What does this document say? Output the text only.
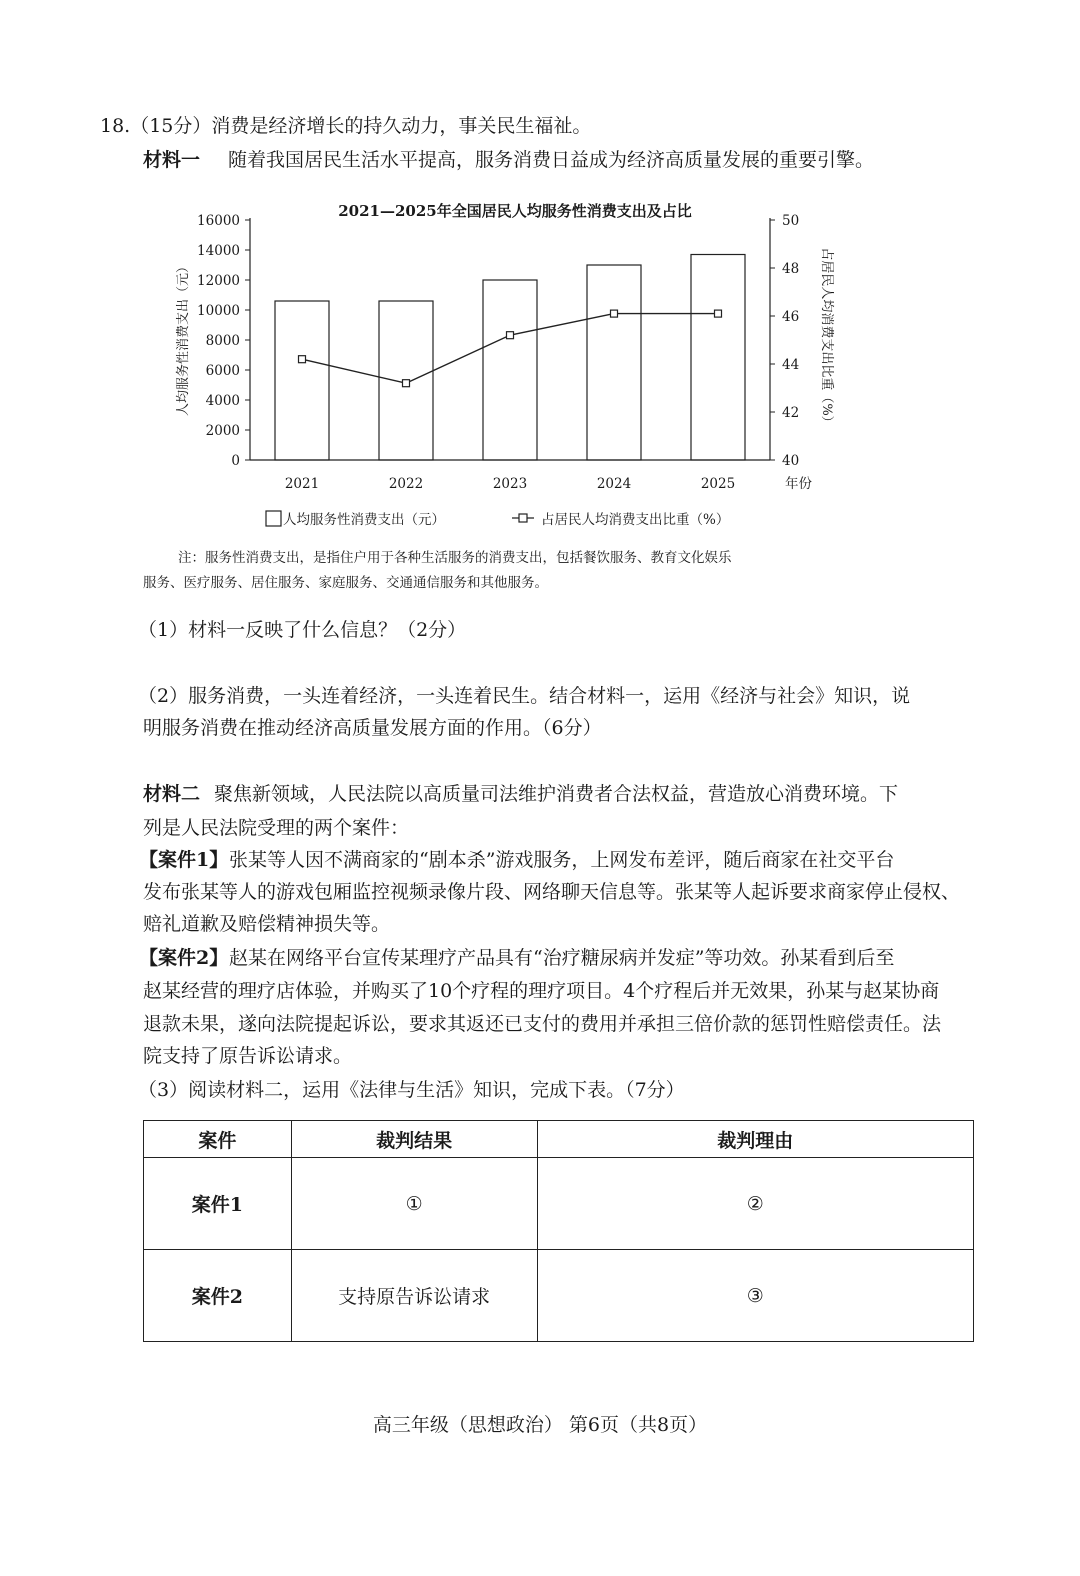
18.（15分）消费是经济增长的持久动力，事关民生福祉。
材料一 随着我国居民生活水平提高，服务消费日益成为经济高质量发展的重要引擎。
2021—2025年全国居民人均服务性消费支出及占比
0
2000
4000
6000
8000
10000
12000
14000
16000
40
42
44
46
48
50
2021	2022	2023	2024	2025	年份
人均服务性消费支出（元）	占居民人均消费支出比重（%）
人均服务性消费支出（元）	占居民人均消费支出比重（%）
注：服务性消费支出，是指住户用于各种生活服务的消费支出，包括餐饮服务、教育文化娱乐
服务、医疗服务、居住服务、家庭服务、交通通信服务和其他服务。
（1）材料一反映了什么信息？（2分）
（2）服务消费，一头连着经济，一头连着民生。结合材料一，运用《经济与社会》知识，说
明服务消费在推动经济高质量发展方面的作用。（6分）
材料二 聚焦新领域，人民法院以高质量司法维护消费者合法权益，营造放心消费环境。下
列是人民法院受理的两个案件：
【案件1】 张某等人因不满商家的“剧本杀”游戏服务，上网发布差评，随后商家在社交平台
发布张某等人的游戏包厢监控视频录像片段、网络聊天信息等。张某等人起诉要求商家停止侵权、
赔礼道歉及赔偿精神损失等。
【案件2】 赵某在网络平台宣传某理疗产品具有“治疗糖尿病并发症”等功效。孙某看到后至
赵某经营的理疗店体验，并购买了10个疗程的理疗项目。4个疗程后并无效果，孙某与赵某协商
退款未果，遂向法院提起诉讼，要求其返还已支付的费用并承担三倍价款的惩罚性赔偿责任。法
院支持了原告诉讼请求。
（3）阅读材料二，运用《法律与生活》知识，完成下表。（7分）
案件	裁判结果	裁判理由
案件1	①	②
案件2	支持原告诉讼请求	③
高三年级（思想政治） 第6页（共8页）
